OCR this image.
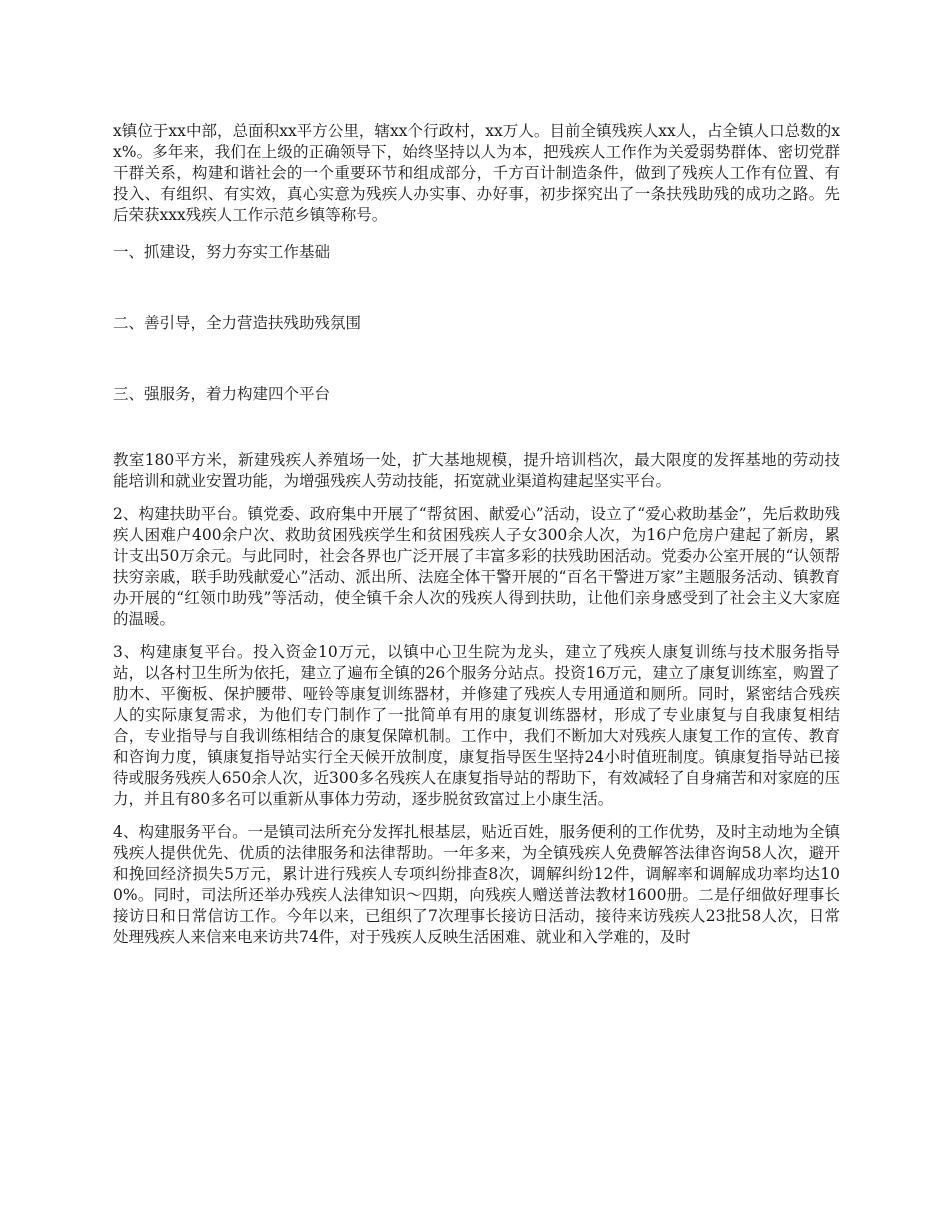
x镇位于xx中部，总面积xx平方公里，辖xx个行政村，xx万人。目前全镇残疾人xx人，占全镇人口总数的xx%。多年来，我们在上级的正确领导下，始终坚持以人为本，把残疾人工作作为关爱弱势群体、密切党群干群关系，构建和谐社会的一个重要环节和组成部分，千方百计制造条件，做到了残疾人工作有位置、有投入、有组织、有实效，真心实意为残疾人办实事、办好事，初步探究出了一条扶残助残的成功之路。先后荣获xxx残疾人工作示范乡镇等称号。

一、抓建设，努力夯实工作基础

二、善引导，全力营造扶残助残氛围

三、强服务，着力构建四个平台

教室180平方米，新建残疾人养殖场一处，扩大基地规模，提升培训档次，最大限度的发挥基地的劳动技能培训和就业安置功能，为增强残疾人劳动技能，拓宽就业渠道构建起坚实平台。

2、构建扶助平台。镇党委、政府集中开展了“帮贫困、献爱心”活动，设立了“爱心救助基金”，先后救助残疾人困难户400余户次、救助贫困残疾学生和贫困残疾人子女300余人次，为16户危房户建起了新房，累计支出50万余元。与此同时，社会各界也广泛开展了丰富多彩的扶残助困活动。党委办公室开展的“认领帮扶穷亲戚，联手助残献爱心”活动、派出所、法庭全体干警开展的“百名干警进万家”主题服务活动、镇教育办开展的“红领巾助残”等活动，使全镇千余人次的残疾人得到扶助，让他们亲身感受到了社会主义大家庭的温暖。

3、构建康复平台。投入资金10万元，以镇中心卫生院为龙头，建立了残疾人康复训练与技术服务指导站，以各村卫生所为依托，建立了遍布全镇的26个服务分站点。投资16万元，建立了康复训练室，购置了肋木、平衡板、保护腰带、哑铃等康复训练器材，并修建了残疾人专用通道和厕所。同时，紧密结合残疾人的实际康复需求，为他们专门制作了一批简单有用的康复训练器材，形成了专业康复与自我康复相结合，专业指导与自我训练相结合的康复保障机制。工作中，我们不断加大对残疾人康复工作的宣传、教育和咨询力度，镇康复指导站实行全天候开放制度，康复指导医生坚持24小时值班制度。镇康复指导站已接待或服务残疾人650余人次，近300多名残疾人在康复指导站的帮助下，有效减轻了自身痛苦和对家庭的压力，并且有80多名可以重新从事体力劳动，逐步脱贫致富过上小康生活。

4、构建服务平台。一是镇司法所充分发挥扎根基层，贴近百姓，服务便利的工作优势，及时主动地为全镇残疾人提供优先、优质的法律服务和法律帮助。一年多来，为全镇残疾人免费解答法律咨询58人次，避开和挽回经济损失5万元，累计进行残疾人专项纠纷排查8次，调解纠纷12件，调解率和调解成功率均达100%。同时，司法所还举办残疾人法律知识～四期，向残疾人赠送普法教材1600册。二是仔细做好理事长接访日和日常信访工作。今年以来，已组织了7次理事长接访日活动，接待来访残疾人23批58人次，日常处理残疾人来信来电来访共74件，对于残疾人反映生活困难、就业和入学难的，及时
